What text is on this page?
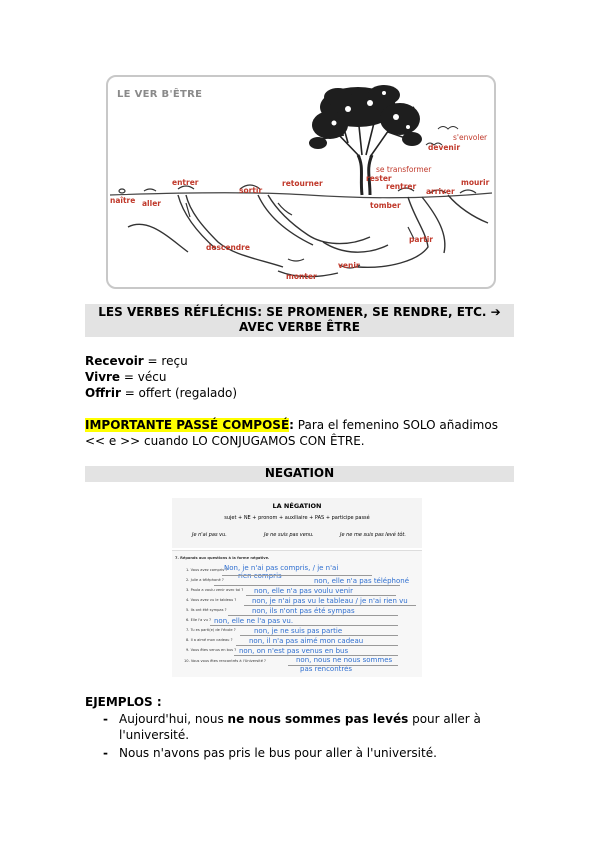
LE VER B'ÊTRE
naître aller
entrer
sortir
retourner
descendre
monter
venir
partir
tomber
rester
rentrer
arriver
mourir
devenir
s'envoler
se transformer
LES VERBES RÉFLÉCHIS: SE PROMENER, SE RENDRE, ETC. ➔
AVEC VERBE ÊTRE
Recevoir = reçu
Vivre = vécu
Offrir = offert (regalado)
IMPORTANTE PASSÉ COMPOSÉ: Para el femenino SOLO añadimos
<< e >> cuando LO CONJUGAMOS CON ÊTRE.
NEGATION
LA NÉGATION
sujet + NE + pronom + auxiliaire + PAS + participe passé
Je n'ai pas vu.	Je ne suis pas venu.	Je ne me suis pas levé tôt.
7. Réponds aux questions à la forme négative.
1. Vous avez compris ?
2. Julie a téléphoné ?
3. Paula a voulu venir avec toi ?
4. Vous avez vu le tableau ?
5. Ils ont été sympas ?
6. Elle l'a vu ?
7. Tu es parti(e) de l'école ?
8. Il a aimé mon cadeau ?
9. Vous êtes venus en bus ?
10. Vous vous êtes rencontrés à l'Université ?
Non, je n'ai pas compris, / je n'ai
rien compris
non, elle n'a pas téléphoné
non, elle n'a pas voulu venir
non, je n'ai pas vu le tableau / je n'ai rien vu
non, ils n'ont pas été sympas
non, elle ne l'a pas vu.
non, je ne suis pas partie
non, il n'a pas aimé mon cadeau
non, on n'est pas venus en bus
non, nous ne nous sommes
pas rencontrés
EJEMPLOS :
- Aujourd'hui, nous ne nous sommes pas levés pour aller à
l'université.
- Nous n'avons pas pris le bus pour aller à l'université.
